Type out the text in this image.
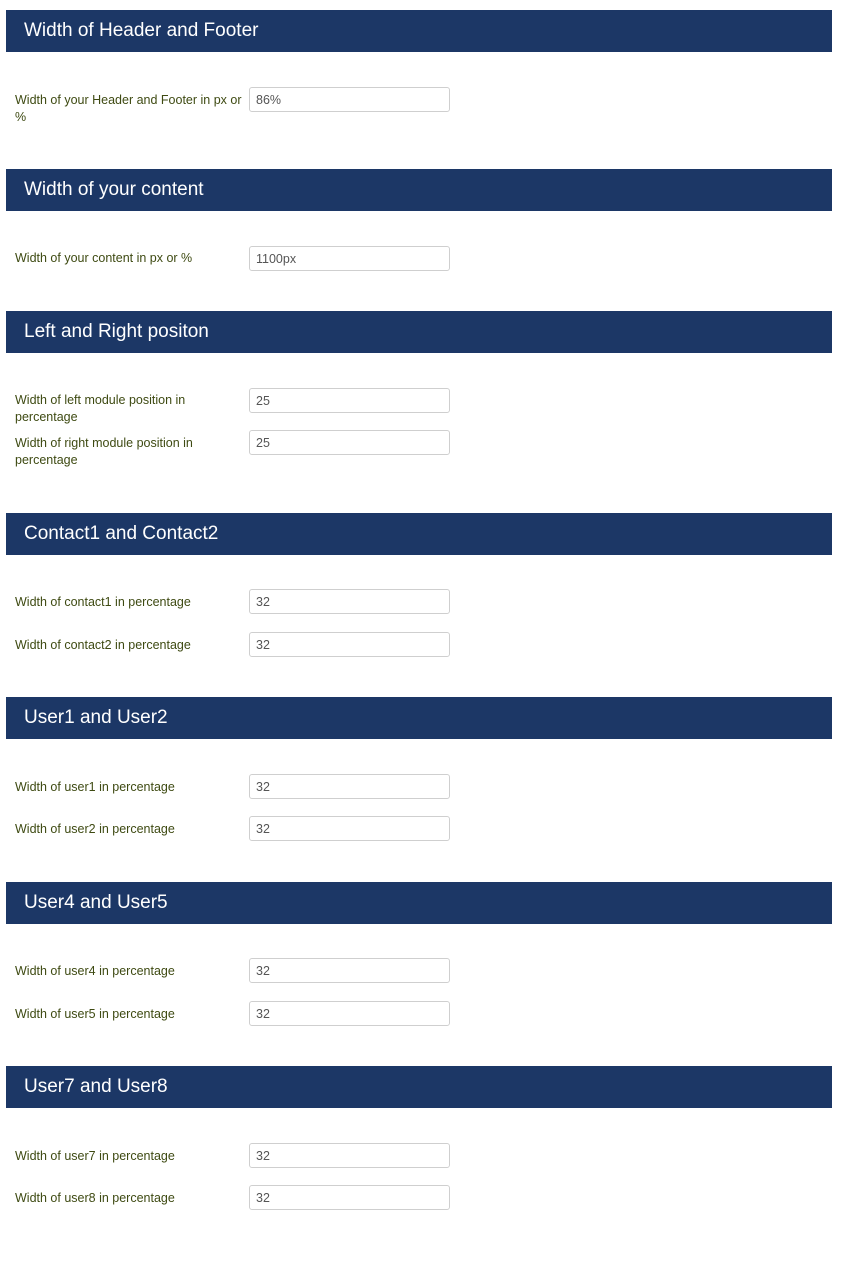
Width of Header and Footer
Width of your Header and Footer in px or %
86%
Width of your content
Width of your content in px or %
1100px
Left and Right positon
Width of left module position in percentage
25
Width of right module position in percentage
25
Contact1 and Contact2
Width of contact1 in percentage
32
Width of contact2 in percentage
32
User1 and User2
Width of user1 in percentage
32
Width of user2 in percentage
32
User4 and User5
Width of user4 in percentage
32
Width of user5 in percentage
32
User7 and User8
Width of user7 in percentage
32
Width of user8 in percentage
32
